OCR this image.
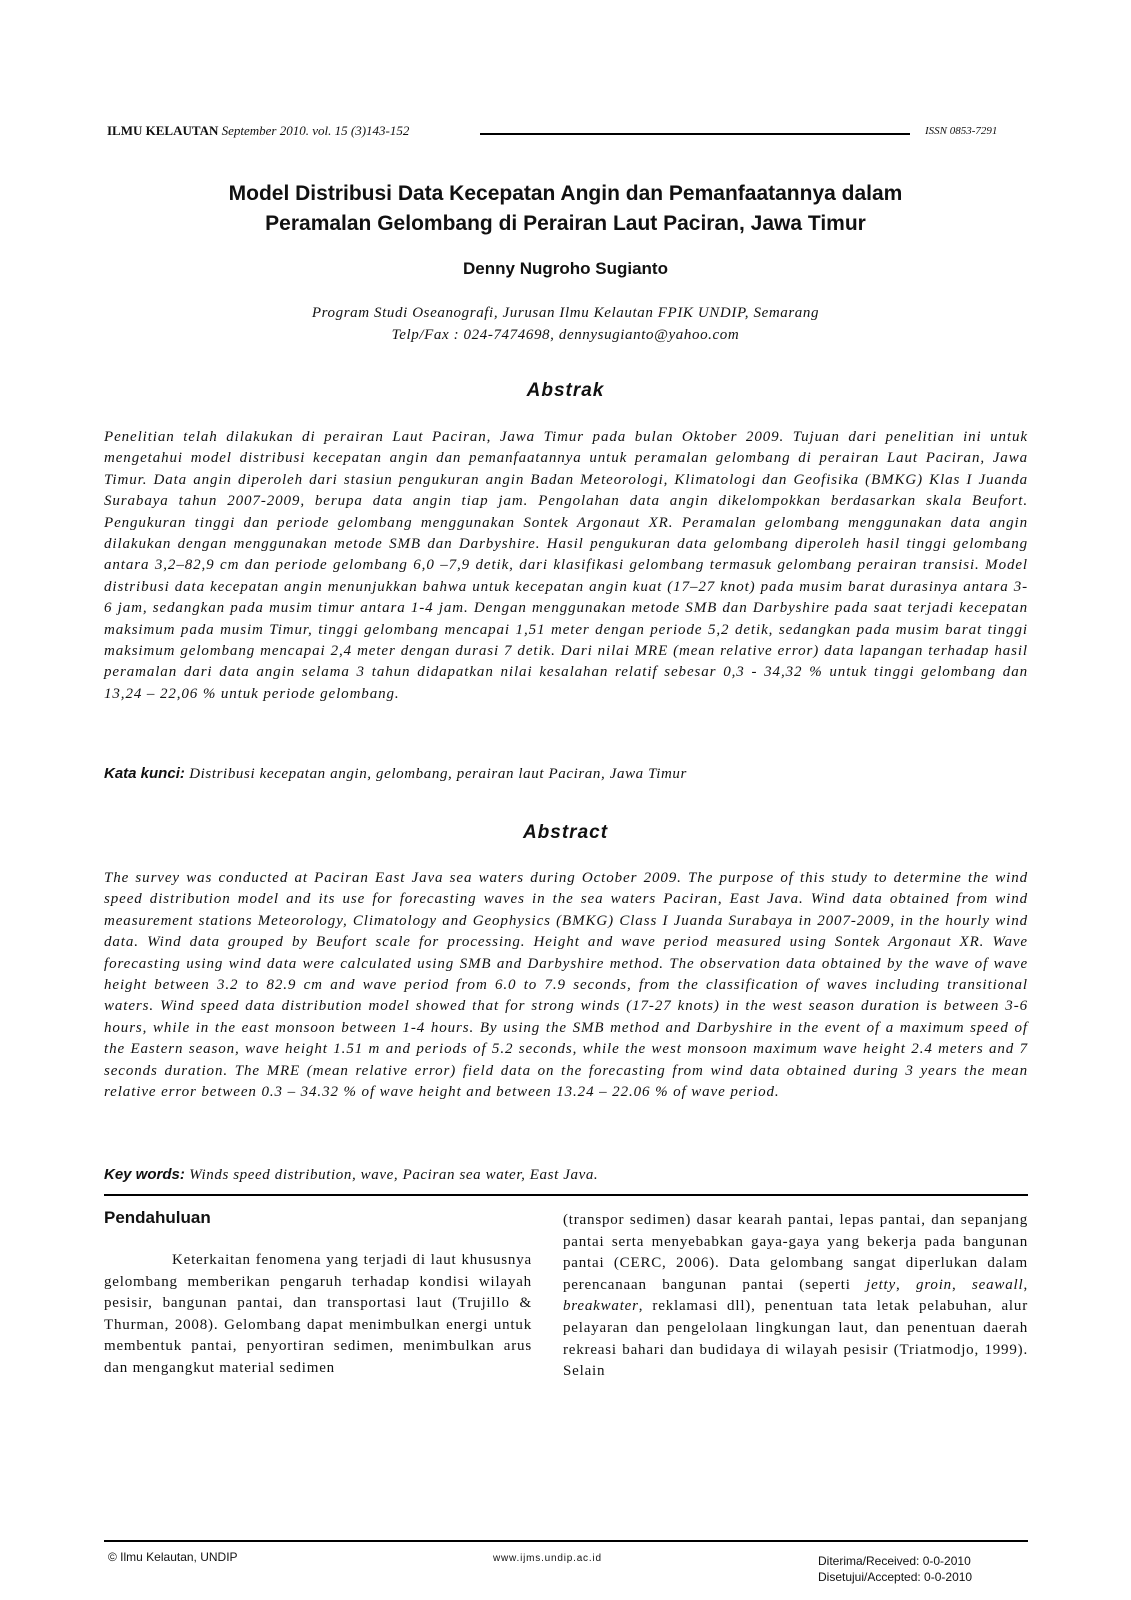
ILMU KELAUTAN September 2010. vol. 15 (3)143-152	ISSN 0853-7291
Model Distribusi Data Kecepatan Angin dan Pemanfaatannya dalam
Peramalan Gelombang di Perairan Laut Paciran, Jawa Timur
Denny Nugroho Sugianto
Program Studi Oseanografi, Jurusan Ilmu Kelautan FPIK UNDIP, Semarang
Telp/Fax : 024-7474698, dennysugianto@yahoo.com
Abstrak
Penelitian telah dilakukan di perairan Laut Paciran, Jawa Timur pada bulan Oktober 2009. Tujuan dari penelitian ini untuk mengetahui model distribusi kecepatan angin dan pemanfaatannya untuk peramalan gelombang di perairan Laut Paciran, Jawa Timur. Data angin diperoleh dari stasiun pengukuran angin Badan Meteorologi, Klimatologi dan Geofisika (BMKG) Klas I Juanda Surabaya tahun 2007-2009, berupa data angin tiap jam. Pengolahan data angin dikelompokkan berdasarkan skala Beufort. Pengukuran tinggi dan periode gelombang menggunakan Sontek Argonaut XR. Peramalan gelombang menggunakan data angin dilakukan dengan menggunakan metode SMB dan Darbyshire. Hasil pengukuran data gelombang diperoleh hasil tinggi gelombang antara 3,2–82,9 cm dan periode gelombang 6,0 –7,9 detik, dari klasifikasi gelombang termasuk gelombang perairan transisi. Model distribusi data kecepatan angin menunjukkan bahwa untuk kecepatan angin kuat (17–27 knot) pada musim barat durasinya antara 3-6 jam, sedangkan pada musim timur antara 1-4 jam. Dengan menggunakan metode SMB dan Darbyshire pada saat terjadi kecepatan maksimum pada musim Timur, tinggi gelombang mencapai 1,51 meter dengan periode 5,2 detik, sedangkan pada musim barat tinggi maksimum gelombang mencapai 2,4 meter dengan durasi 7 detik. Dari nilai MRE (mean relative error) data lapangan terhadap hasil peramalan dari data angin selama 3 tahun didapatkan nilai kesalahan relatif sebesar 0,3 - 34,32 % untuk tinggi gelombang dan 13,24 – 22,06 % untuk periode gelombang.
Kata kunci: Distribusi kecepatan angin, gelombang, perairan laut Paciran, Jawa Timur
Abstract
The survey was conducted at Paciran East Java sea waters during October 2009. The purpose of this study to determine the wind speed distribution model and its use for forecasting waves in the sea waters Paciran, East Java. Wind data obtained from wind measurement stations Meteorology, Climatology and Geophysics (BMKG) Class I Juanda Surabaya in 2007-2009, in the hourly wind data. Wind data grouped by Beufort scale for processing. Height and wave period measured using Sontek Argonaut XR. Wave forecasting using wind data were calculated using SMB and Darbyshire method. The observation data obtained by the wave of wave height between 3.2 to 82.9 cm and wave period from 6.0 to 7.9 seconds, from the classification of waves including transitional waters. Wind speed data distribution model showed that for strong winds (17-27 knots) in the west season duration is between 3-6 hours, while in the east monsoon between 1-4 hours. By using the SMB method and Darbyshire in the event of a maximum speed of the Eastern season, wave height 1.51 m and periods of 5.2 seconds, while the west monsoon maximum wave height 2.4 meters and 7 seconds duration. The MRE (mean relative error) field data on the forecasting from wind data obtained during 3 years the mean relative error between 0.3 – 34.32 % of wave height and between 13.24 – 22.06 % of wave period.
Key words: Winds speed distribution, wave, Paciran sea water, East Java.
Pendahuluan
Keterkaitan fenomena yang terjadi di laut khususnya gelombang memberikan pengaruh terhadap kondisi wilayah pesisir, bangunan pantai, dan transportasi laut (Trujillo & Thurman, 2008). Gelombang dapat menimbulkan energi untuk membentuk pantai, penyortiran sedimen, menimbulkan arus dan mengangkut material sedimen
(transpor sedimen) dasar kearah pantai, lepas pantai, dan sepanjang pantai serta menyebabkan gaya-gaya yang bekerja pada bangunan pantai (CERC, 2006). Data gelombang sangat diperlukan dalam perencanaan bangunan pantai (seperti jetty, groin, seawall, breakwater, reklamasi dll), penentuan tata letak pelabuhan, alur pelayaran dan pengelolaan lingkungan laut, dan penentuan daerah rekreasi bahari dan budidaya di wilayah pesisir (Triatmodjo, 1999). Selain
© Ilmu Kelautan, UNDIP	www.ijms.undip.ac.id	Diterima/Received: 0-0-2010
Disetujui/Accepted: 0-0-2010
